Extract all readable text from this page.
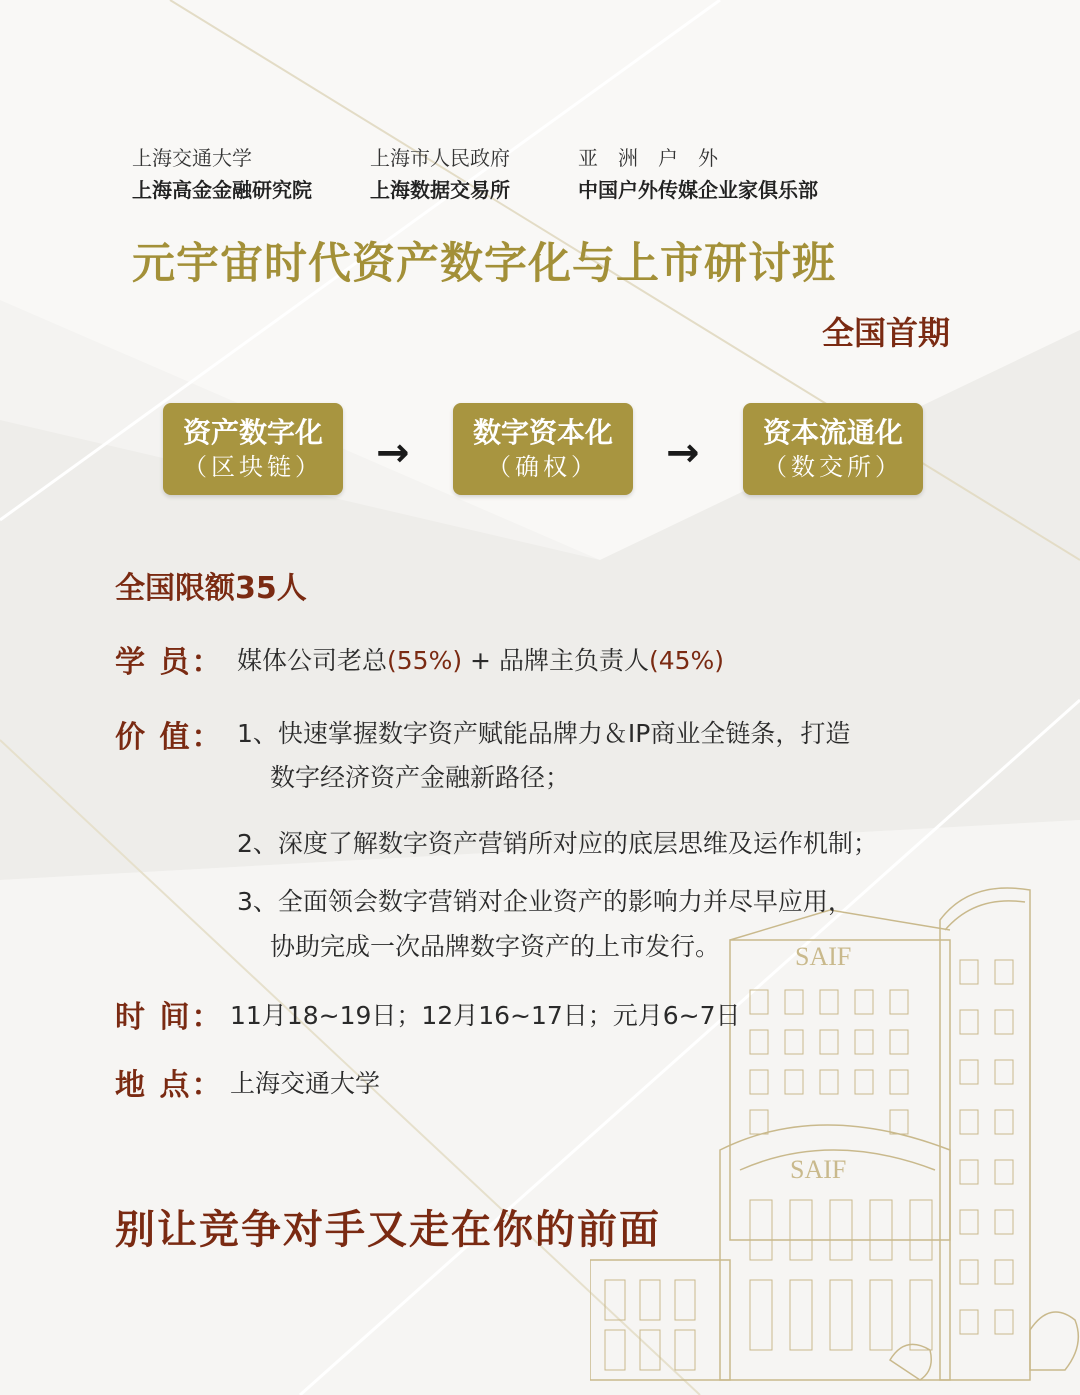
上海交通大学
上海高金金融研究院
上海市人民政府
上海数据交易所
亚　洲　户　外
中国户外传媒企业家俱乐部
元宇宙时代资产数字化与上市研讨班
全国首期
资产数字化
（区块链）	→	数字资本化
（确权）	→	资本流通化
（数交所）
SAIF
SAIF
全国限额35人
学 员： 媒体公司老总(55%) + 品牌主负责人(45%)
价 值： 1、快速掌握数字资产赋能品牌力＆IP商业全链条，打造
数字经济资产金融新路径；
2、深度了解数字资产营销所对应的底层思维及运作机制；
3、全面领会数字营销对企业资产的影响力并尽早应用，
协助完成一次品牌数字资产的上市发行。
时 间： 11月18~19日；12月16~17日；元月6~7日
地 点： 上海交通大学
别让竞争对手又走在你的前面
